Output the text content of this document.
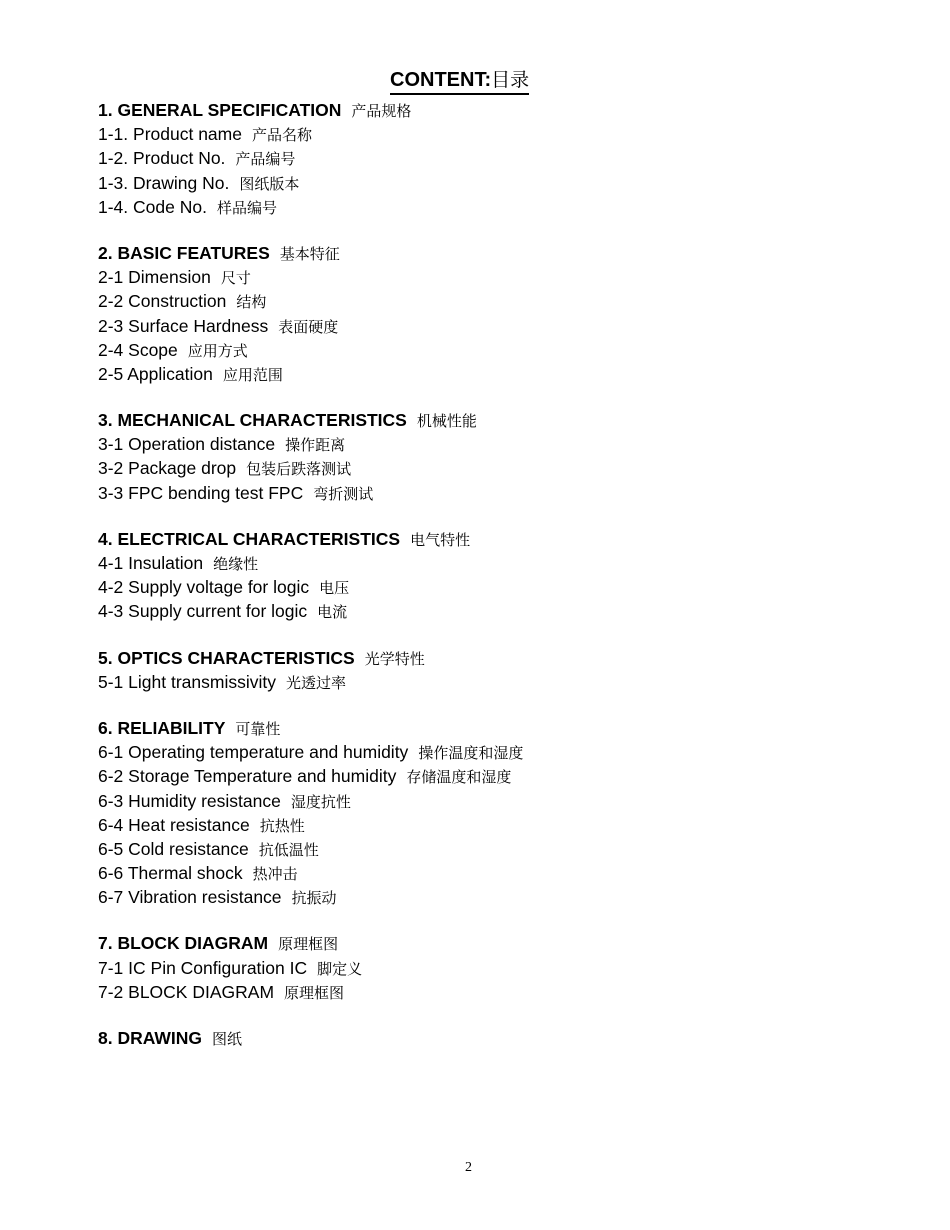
CONTENT:目录
1. GENERAL SPECIFICATION 产品规格
1-1. Product name 产品名称
1-2. Product No. 产品编号
1-3. Drawing No. 图纸版本
1-4. Code No. 样品编号
2. BASIC FEATURES 基本特征
2-1 Dimension 尺寸
2-2 Construction 结构
2-3 Surface Hardness 表面硬度
2-4 Scope 应用方式
2-5 Application 应用范围
3. MECHANICAL CHARACTERISTICS 机械性能
3-1 Operation distance 操作距离
3-2 Package drop 包装后跌落测试
3-3 FPC bending test FPC 弯折测试
4. ELECTRICAL CHARACTERISTICS 电气特性
4-1 Insulation 绝缘性
4-2 Supply voltage for logic 电压
4-3 Supply current for logic 电流
5. OPTICS CHARACTERISTICS 光学特性
5-1 Light transmissivity 光透过率
6. RELIABILITY 可靠性
6-1 Operating temperature and humidity 操作温度和湿度
6-2 Storage Temperature and humidity 存储温度和湿度
6-3 Humidity resistance 湿度抗性
6-4 Heat resistance 抗热性
6-5 Cold resistance 抗低温性
6-6 Thermal shock 热冲击
6-7 Vibration resistance 抗振动
7. BLOCK DIAGRAM 原理框图
7-1 IC Pin Configuration IC 脚定义
7-2 BLOCK DIAGRAM 原理框图
8. DRAWING 图纸
2
